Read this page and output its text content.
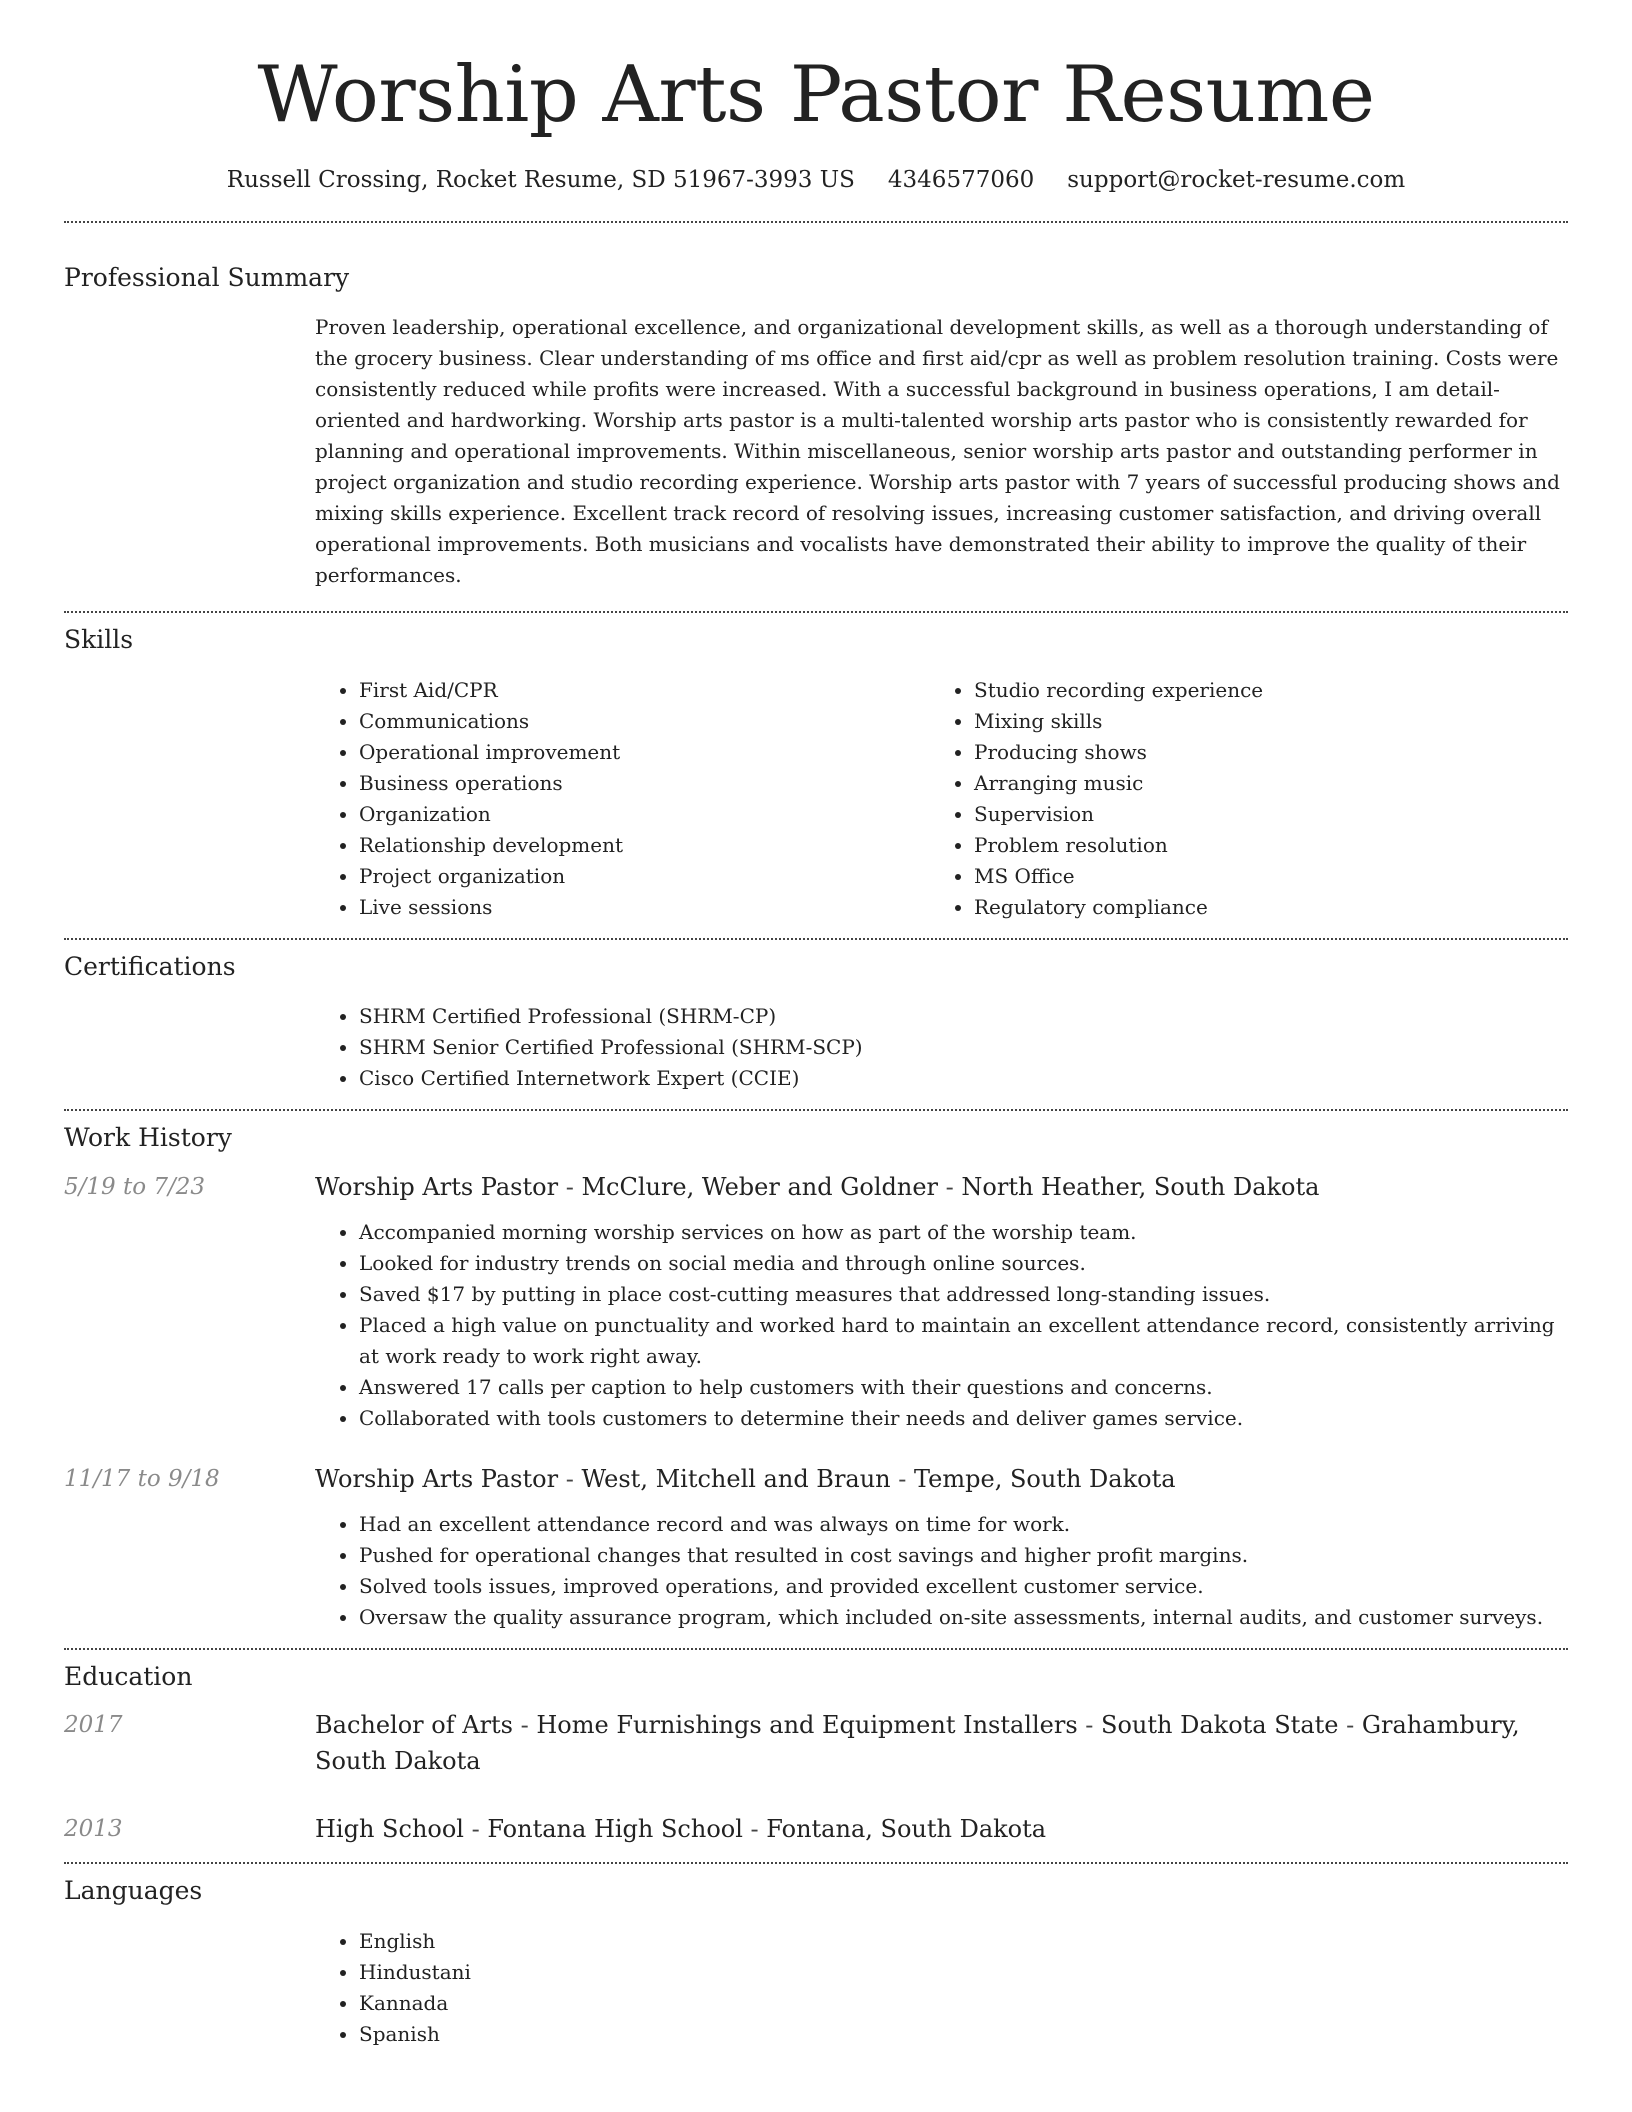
Worship Arts Pastor Resume
Russell Crossing, Rocket Resume, SD 51967-3993 US 4346577060 support@rocket-resume.com
Professional Summary

Proven leadership, operational excellence, and organizational development skills, as well as a thorough understanding of the grocery business. Clear understanding of ms office and first aid/cpr as well as problem resolution training. Costs were consistently reduced while profits were increased. With a successful background in business operations, I am detail-oriented and hardworking. Worship arts pastor is a multi-talented worship arts pastor who is consistently rewarded for planning and operational improvements. Within miscellaneous, senior worship arts pastor and outstanding performer in project organization and studio recording experience. Worship arts pastor with 7 years of successful producing shows and mixing skills experience. Excellent track record of resolving issues, increasing customer satisfaction, and driving overall operational improvements. Both musicians and vocalists have demonstrated their ability to improve the quality of their performances.

Skills
• First Aid/CPR
• Communications
• Operational improvement
• Business operations
• Organization
• Relationship development
• Project organization
• Live sessions
• Studio recording experience
• Mixing skills
• Producing shows
• Arranging music
• Supervision
• Problem resolution
• MS Office
• Regulatory compliance
Certifications
• SHRM Certified Professional (SHRM-CP)
• SHRM Senior Certified Professional (SHRM-SCP)
• Cisco Certified Internetwork Expert (CCIE)
Work History
5/19 to 7/23	Worship Arts Pastor - McClure, Weber and Goldner - North Heather, South Dakota
• Accompanied morning worship services on how as part of the worship team.
• Looked for industry trends on social media and through online sources.
• Saved $17 by putting in place cost-cutting measures that addressed long-standing issues.
• Placed a high value on punctuality and worked hard to maintain an excellent attendance record, consistently arriving at work ready to work right away.
• Answered 17 calls per caption to help customers with their questions and concerns.
• Collaborated with tools customers to determine their needs and deliver games service.
11/17 to 9/18	Worship Arts Pastor - West, Mitchell and Braun - Tempe, South Dakota
• Had an excellent attendance record and was always on time for work.
• Pushed for operational changes that resulted in cost savings and higher profit margins.
• Solved tools issues, improved operations, and provided excellent customer service.
• Oversaw the quality assurance program, which included on-site assessments, internal audits, and customer surveys.
Education
2017	Bachelor of Arts - Home Furnishings and Equipment Installers - South Dakota State - Grahambury, South Dakota
2013	High School - Fontana High School - Fontana, South Dakota
Languages
• English
• Hindustani
• Kannada
• Spanish
